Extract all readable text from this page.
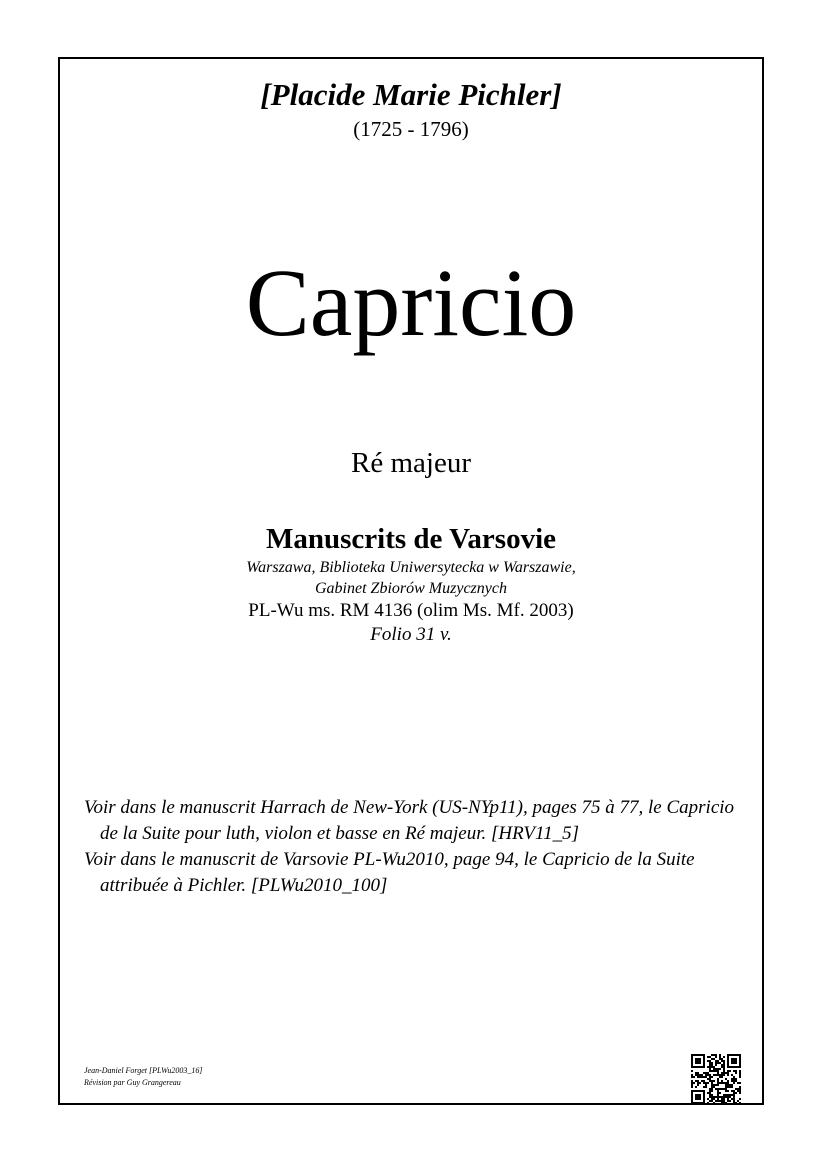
[Placide Marie Pichler]
(1725 - 1796)
Capricio
Ré majeur
Manuscrits de Varsovie
Warszawa, Biblioteka Uniwersytecka w Warszawie,
Gabinet Zbiorów Muzycznych
PL-Wu ms. RM 4136 (olim Ms. Mf. 2003)
Folio 31 v.

Voir dans le manuscrit Harrach de New-York (US-NYp11), pages 75 à 77, le Capricio de la Suite pour luth, violon et basse en Ré majeur. [HRV11_5]

Voir dans le manuscrit de Varsovie PL-Wu2010, page 94, le Capricio de la Suite attribuée à Pichler. [PLWu2010_100]

Jean-Daniel Forget [PLWu2003_16]
Révision par Guy Grangereau
